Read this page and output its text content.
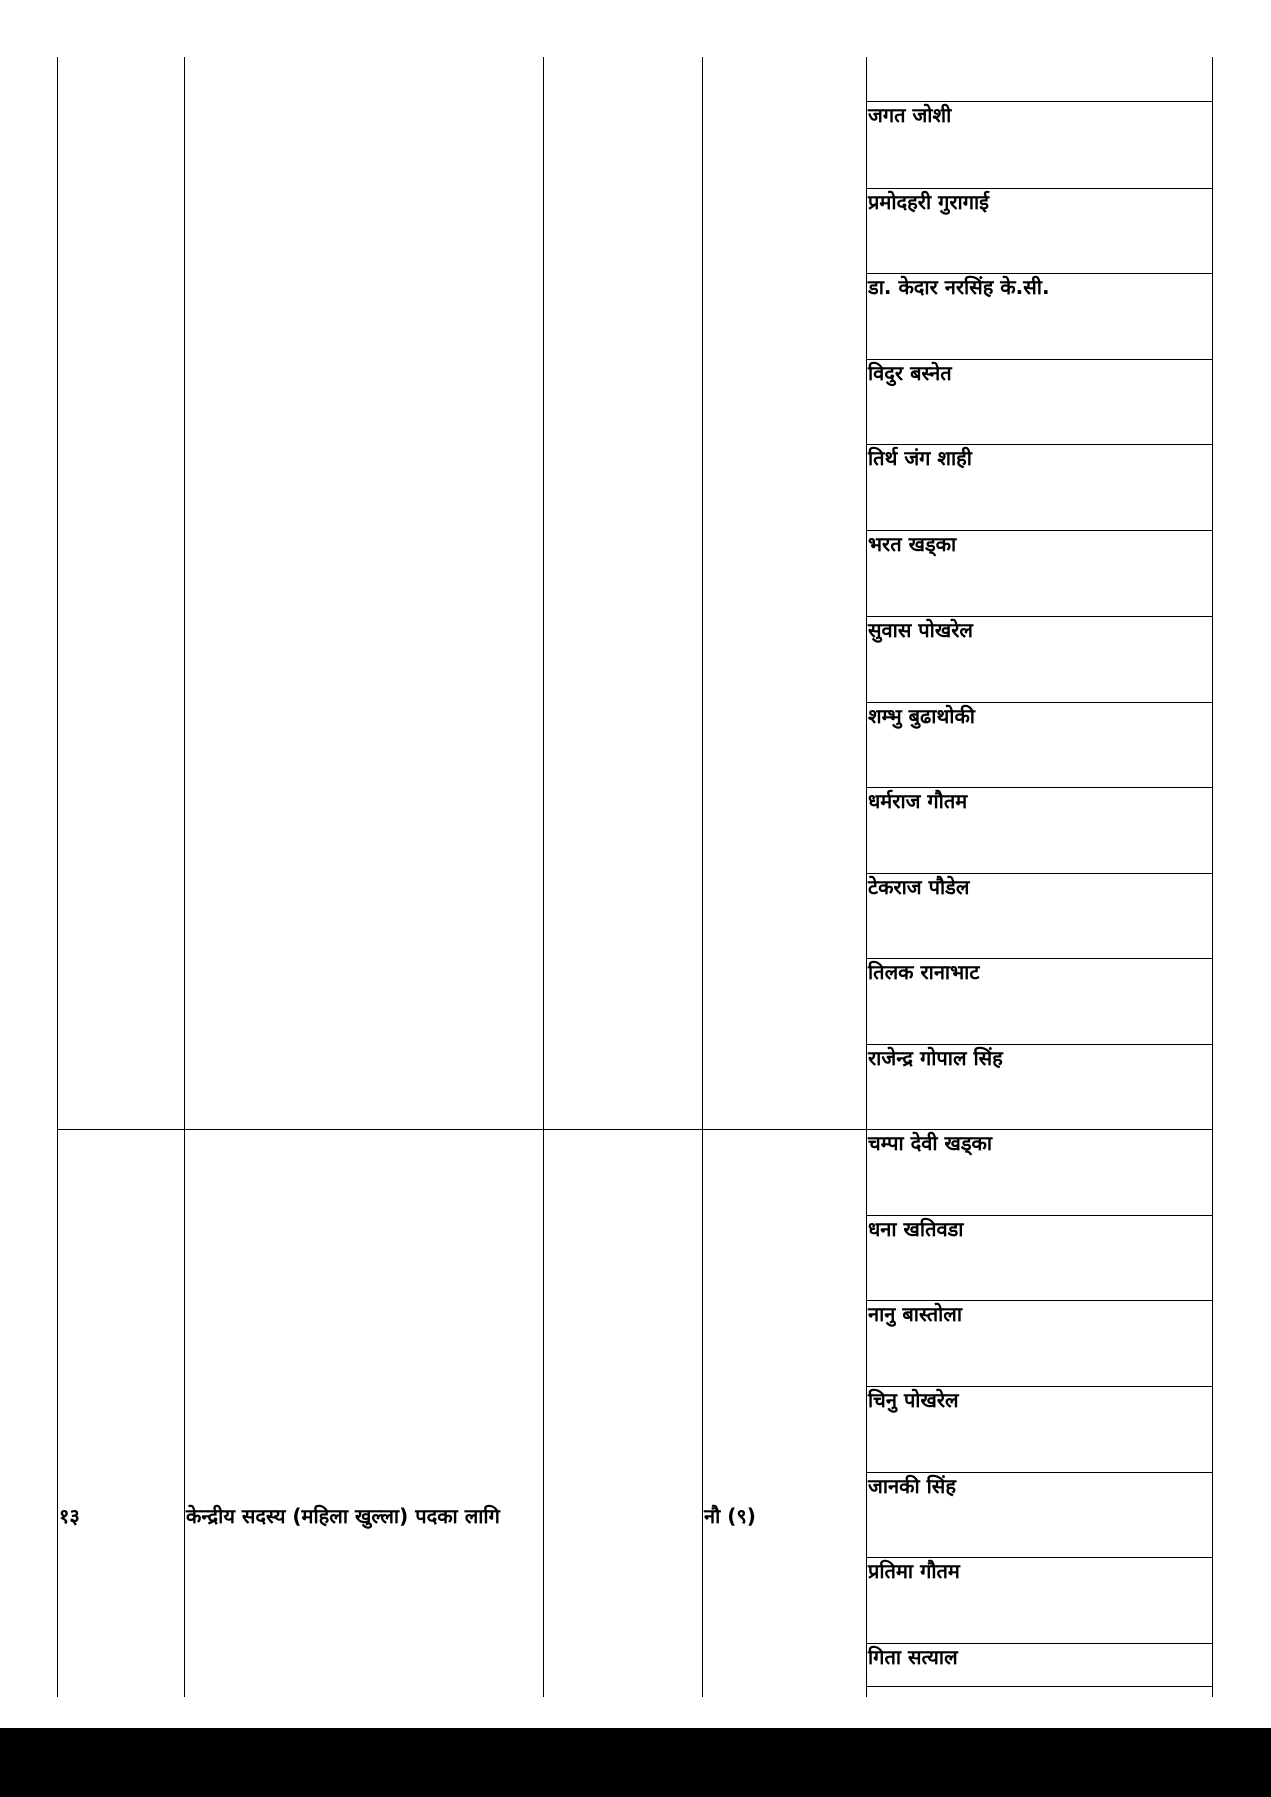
जगत जोशी
प्रमोदहरी गुरागाई
डा. केदार नरसिंह के.सी.
विदुर बस्नेत
तिर्थ जंग शाही
भरत खड्का
सुवास पोखरेल
शम्भु बुढाथोकी
धर्मराज गौतम
टेकराज पौडेल
तिलक रानाभाट
राजेन्द्र गोपाल सिंह
१३	केन्द्रीय सदस्य (महिला खुल्ला) पदका लागि	नौ (९)
चम्पा देवी खड्का
धना खतिवडा
नानु बास्तोला
चिनु पोखरेल
जानकी सिंह
प्रतिमा गौतम
गिता सत्याल
